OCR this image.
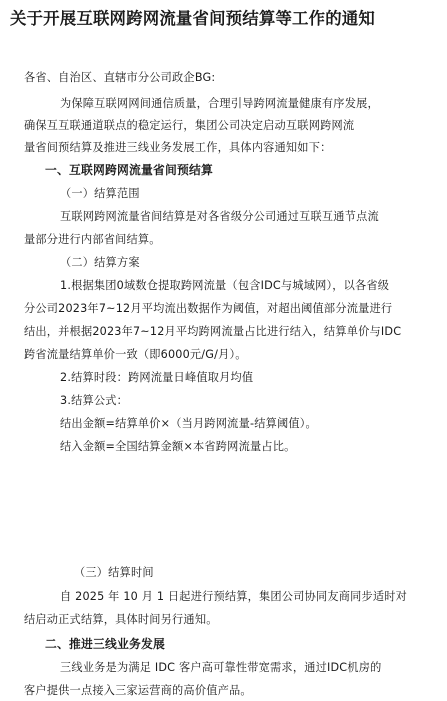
关于开展互联网跨网流量省间预结算等工作的通知
各省、自治区、直辖市分公司政企BG:
为保障互联网网间通信质量，合理引导跨网流量健康有序发展，
确保互互联通道联点的稳定运行，集团公司决定启动互联网跨网流
量省间预结算及推进三线业务发展工作，具体内容通知如下：
一、互联网跨网流量省间预结算
（一）结算范围
互联网跨网流量省间结算是对各省级分公司通过互联互通节点流
量部分进行内部省间结算。
（二）结算方案
1.根据集团0域数仓提取跨网流量（包含IDC与城域网），以各省级
分公司2023年7~12月平均流出数据作为阈值，对超出阈值部分流量进行
结出，并根据2023年7~12月平均跨网流量占比进行结入，结算单价与IDC
跨省流量结算单价一致（即6000元/G/月）。
2.结算时段：跨网流量日峰值取月均值
3.结算公式：
结出金额=结算单价×（当月跨网流量-结算阈值）。
结入金额=全国结算金额×本省跨网流量占比。
（三）结算时间
自 2025 年 10 月 1 日起进行预结算，集团公司协同友商同步适时对
结启动正式结算，具体时间另行通知。
二、推进三线业务发展
三线业务是为满足 IDC 客户高可靠性带宽需求，通过IDC机房的
客户提供一点接入三家运营商的高价值产品。
